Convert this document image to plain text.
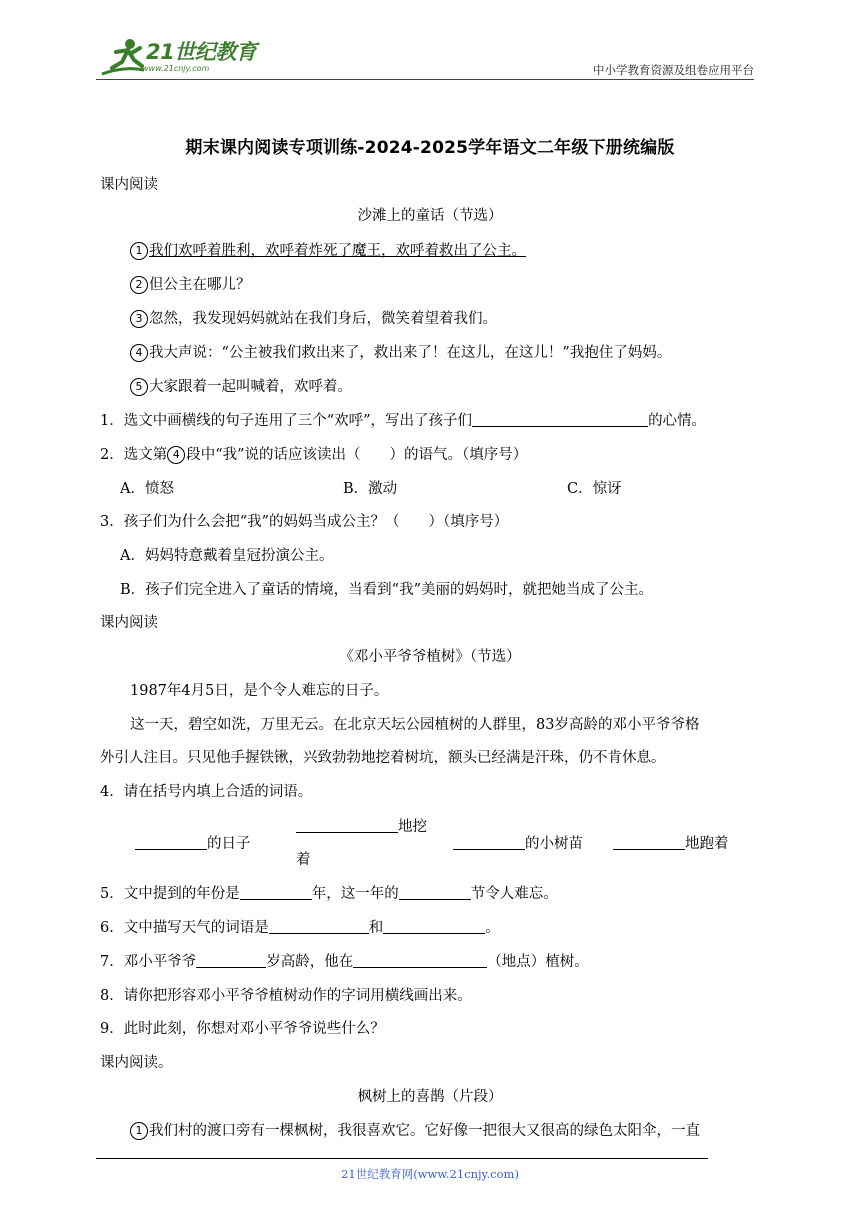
21世纪教育
www.21cnjy.com	中小学教育资源及组卷应用平台
期末课内阅读专项训练-2024-2025学年语文二年级下册统编版
课内阅读
沙滩上的童话（节选）
1 我们欢呼着胜利，欢呼着炸死了魔王，欢呼着救出了公主。
2 但公主在哪儿？
3 忽然，我发现妈妈就站在我们身后，微笑着望着我们。
4 我大声说：“公主被我们救出来了，救出来了！在这儿，在这儿！”我抱住了妈妈。
5 大家跟着一起叫喊着，欢呼着。
1．选文中画横线的句子连用了三个“欢呼”，写出了孩子们	的心情。
2．选文第 4 段中“我”说的话应该读出（　　）的语气。（填序号）
A．愤怒	B．激动	C．惊讶
3．孩子们为什么会把“我”的妈妈当成公主？（　　）（填序号）
A．妈妈特意戴着皇冠扮演公主。
B．孩子们完全进入了童话的情境，当看到“我”美丽的妈妈时，就把她当成了公主。
课内阅读
《邓小平爷爷植树》（节选）
1987年4月5日，是个令人难忘的日子。
这一天，碧空如洗，万里无云。在北京天坛公园植树的人群里，83岁高龄的邓小平爷爷格
外引人注目。只见他手握铁锹，兴致勃勃地挖着树坑，额头已经满是汗珠，仍不肯休息。
4．请在括号内填上合适的词语。
的日子
地挖
着
的小树苗	地跑着
5．文中提到的年份是	年，这一年的	节令人难忘。
6．文中描写天气的词语是	和	。
7．邓小平爷爷	岁高龄，他在	（地点）植树。
8．请你把形容邓小平爷爷植树动作的字词用横线画出来。
9．此时此刻，你想对邓小平爷爷说些什么？
课内阅读。
枫树上的喜鹊（片段）
1 我们村的渡口旁有一棵枫树，我很喜欢它。它好像一把很大又很高的绿色太阳伞，一直
21世纪教育网(www.21cnjy.com)
